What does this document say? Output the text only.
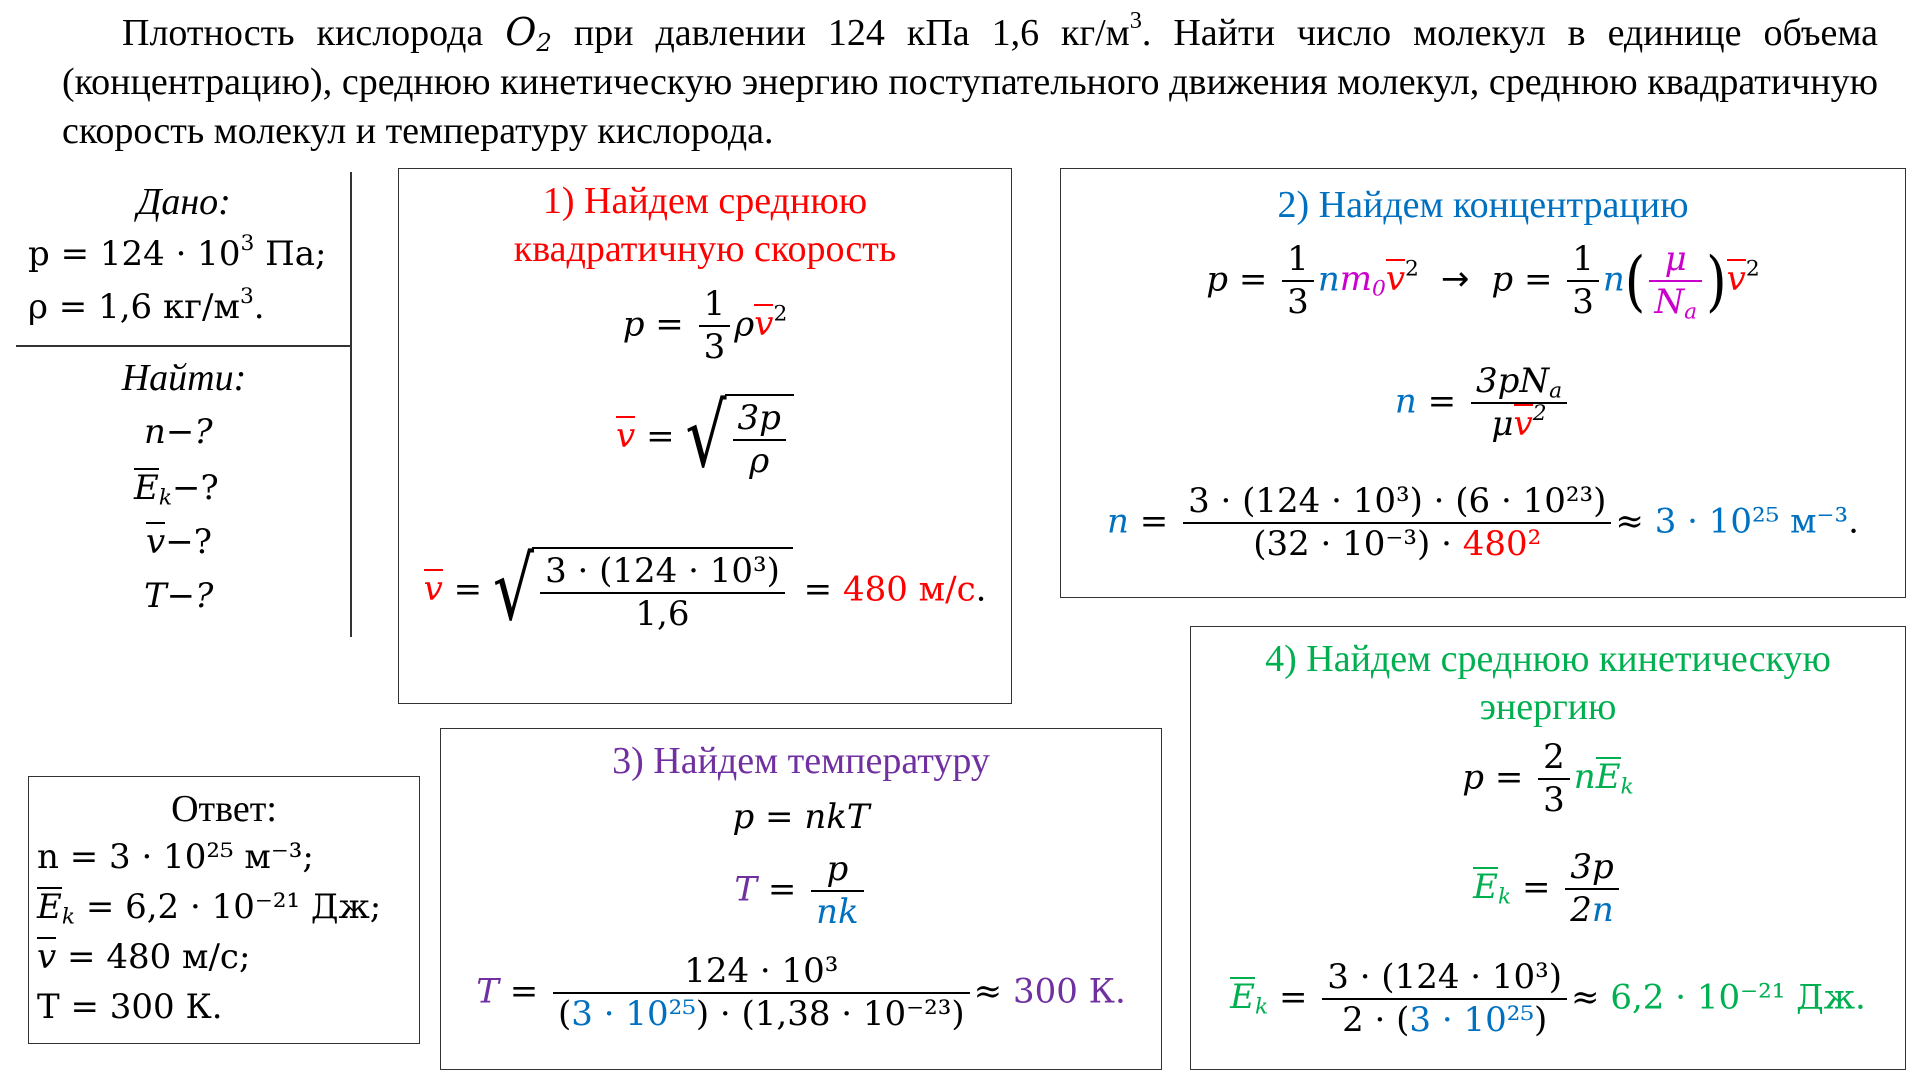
Плотность кислорода $O_2$ при давлении 124 кПа 1,6 $кг/м^3$. Найти число молекул в единице объема (концентрацию), среднюю кинетическую энергию поступательного движения молекул, среднюю квадратичную скорость молекул и температуру кислорода.
Дано:
$p = 124 \cdot 10^3$ Па;
ρ = 1,6 $кг/м^3$.
Найти:
n−?
$E_k-$?
v−?
T−?
1) Найдем среднюю квадратичную скорость
$p = \frac{1}{3} \rho v^2$
v = √ $\frac{3p}{\rho}$
v = √ $\frac{\text{3 · (124 · 10³)}}{1,6} = 480$ м/с.
2) Найдем концентрацию
$p = \frac{1}{3} nm_0v^2 \to p = \frac{1}{3} n( \frac{\mu}{N_a} )v^2$
n =
$3pN_a$
$\mu v^2$
$n = \frac{\text{3 · (124 · 10³) · (6 · 10²³)}}{\text{(32 · 10⁻³) · 480²}} \approx 3 \cdot 10^{25}$ м⁻³.
3) Найдем температуру
p = nkT
$T = \frac{p}{nk}$
$T = \frac{\text{124 · 10³}}{\text{(3 · 10²⁵) · (1,38 · 10⁻²³)}} \approx 300$ К.
4) Найдем среднюю кинетическую энергию
$p = \frac{2}{3} nE_k$
$E_k = \frac{3p}{2n}$
$E_k = \frac{\text{3 · (124 · 10³)}}{\text{2 · (3 · 10²⁵)}} \approx 6,2 \cdot 10^{-21}$ Дж.
Ответ:
n = 3 · 10²⁵ м⁻³;
$E_k = 6,2 \cdot 10^{-21}$ Дж;
v = 480 м/с;
T = 300 К.
